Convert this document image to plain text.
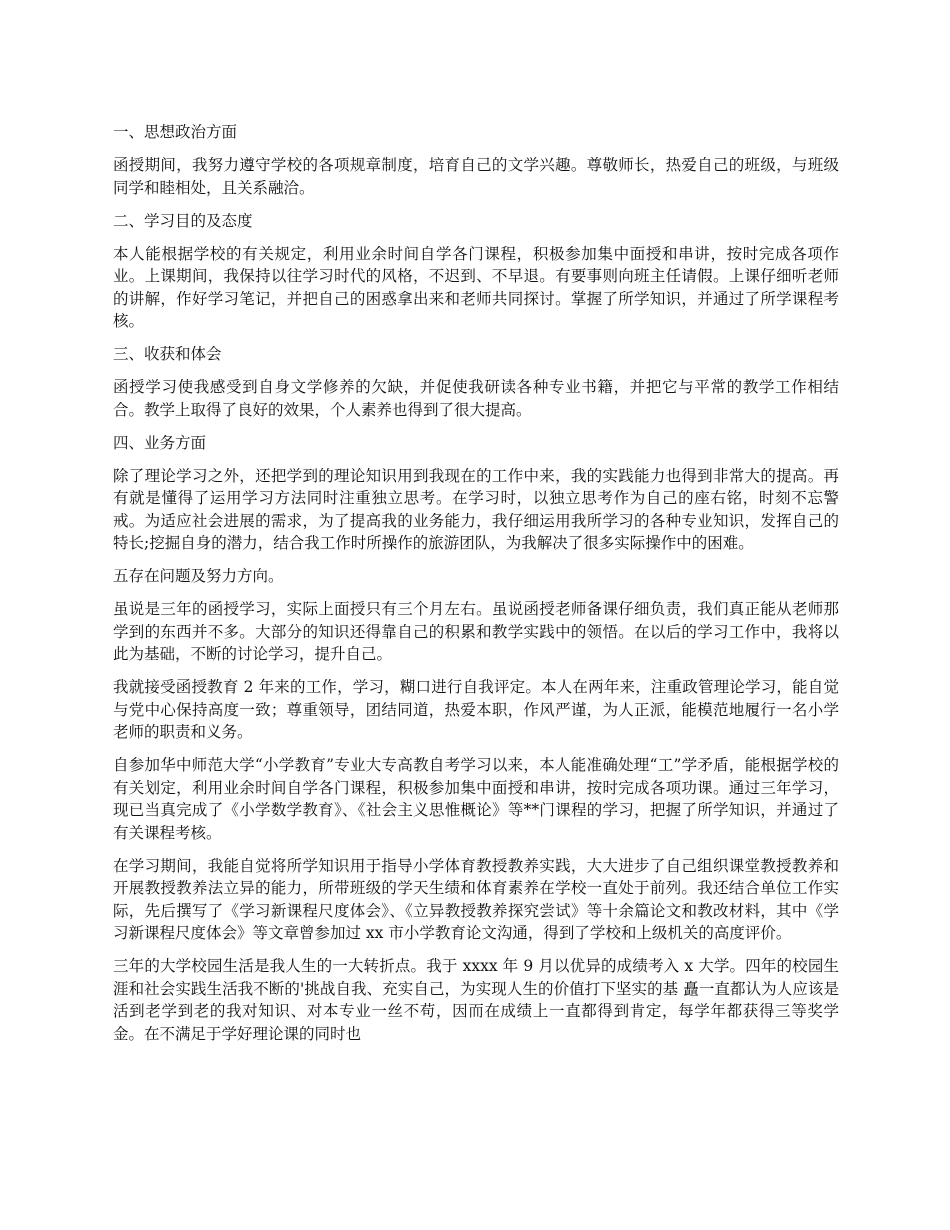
一、思想政治方面

函授期间，我努力遵守学校的各项规章制度，培育自己的文学兴趣。尊敬师长，热爱自己的班级，与班级同学和睦相处，且关系融洽。

二、学习目的及态度

本人能根据学校的有关规定，利用业余时间自学各门课程，积极参加集中面授和串讲，按时完成各项作业。上课期间，我保持以往学习时代的风格，不迟到、不早退。有要事则向班主任请假。上课仔细听老师的讲解，作好学习笔记，并把自己的困惑拿出来和老师共同探讨。掌握了所学知识，并通过了所学课程考核。

三、收获和体会

函授学习使我感受到自身文学修养的欠缺，并促使我研读各种专业书籍，并把它与平常的教学工作相结合。教学上取得了良好的效果，个人素养也得到了很大提高。

四、业务方面

除了理论学习之外，还把学到的理论知识用到我现在的工作中来，我的实践能力也得到非常大的提高。再有就是懂得了运用学习方法同时注重独立思考。在学习时，以独立思考作为自己的座右铭，时刻不忘警戒。为适应社会进展的需求，为了提高我的业务能力，我仔细运用我所学习的各种专业知识，发挥自己的特长;挖掘自身的潜力，结合我工作时所操作的旅游团队，为我解决了很多实际操作中的困难。

五存在问题及努力方向。

虽说是三年的函授学习，实际上面授只有三个月左右。虽说函授老师备课仔细负责，我们真正能从老师那学到的东西并不多。大部分的知识还得靠自己的积累和教学实践中的领悟。在以后的学习工作中，我将以此为基础，不断的讨论学习，提升自己。

我就接受函授教育 2 年来的工作，学习，糊口进行自我评定。本人在两年来，注重政管理论学习，能自觉与党中心保持高度一致；尊重领导，团结同道，热爱本职，作风严谨，为人正派，能模范地履行一名小学老师的职责和义务。

自参加华中师范大学“小学教育”专业大专高教自考学习以来，本人能准确处理“工”学矛盾，能根据学校的有关划定，利用业余时间自学各门课程，积极参加集中面授和串讲，按时完成各项功课。通过三年学习，现已当真完成了《小学数学教育》、《社会主义思惟概论》等**门课程的学习，把握了所学知识，并通过了有关课程考核。

在学习期间，我能自觉将所学知识用于指导小学体育教授教养实践，大大进步了自己组织课堂教授教养和开展教授教养法立异的能力，所带班级的学天生绩和体育素养在学校一直处于前列。我还结合单位工作实际，先后撰写了《学习新课程尺度体会》、《立异教授教养探究尝试》等十余篇论文和教改材料，其中《学习新课程尺度体会》等文章曾参加过 xx 市小学教育论文沟通，得到了学校和上级机关的高度评价。

三年的大学校园生活是我人生的一大转折点。我于 xxxx 年 9 月以优异的成绩考入 x 大学。四年的校园生涯和社会实践生活我不断的'挑战自我、充实自己，为实现人生的价值打下坚实的基 矗一直都认为人应该是活到老学到老的我对知识、对本专业一丝不苟，因而在成绩上一直都得到肯定，每学年都获得三等奖学金。在不满足于学好理论课的同时也
